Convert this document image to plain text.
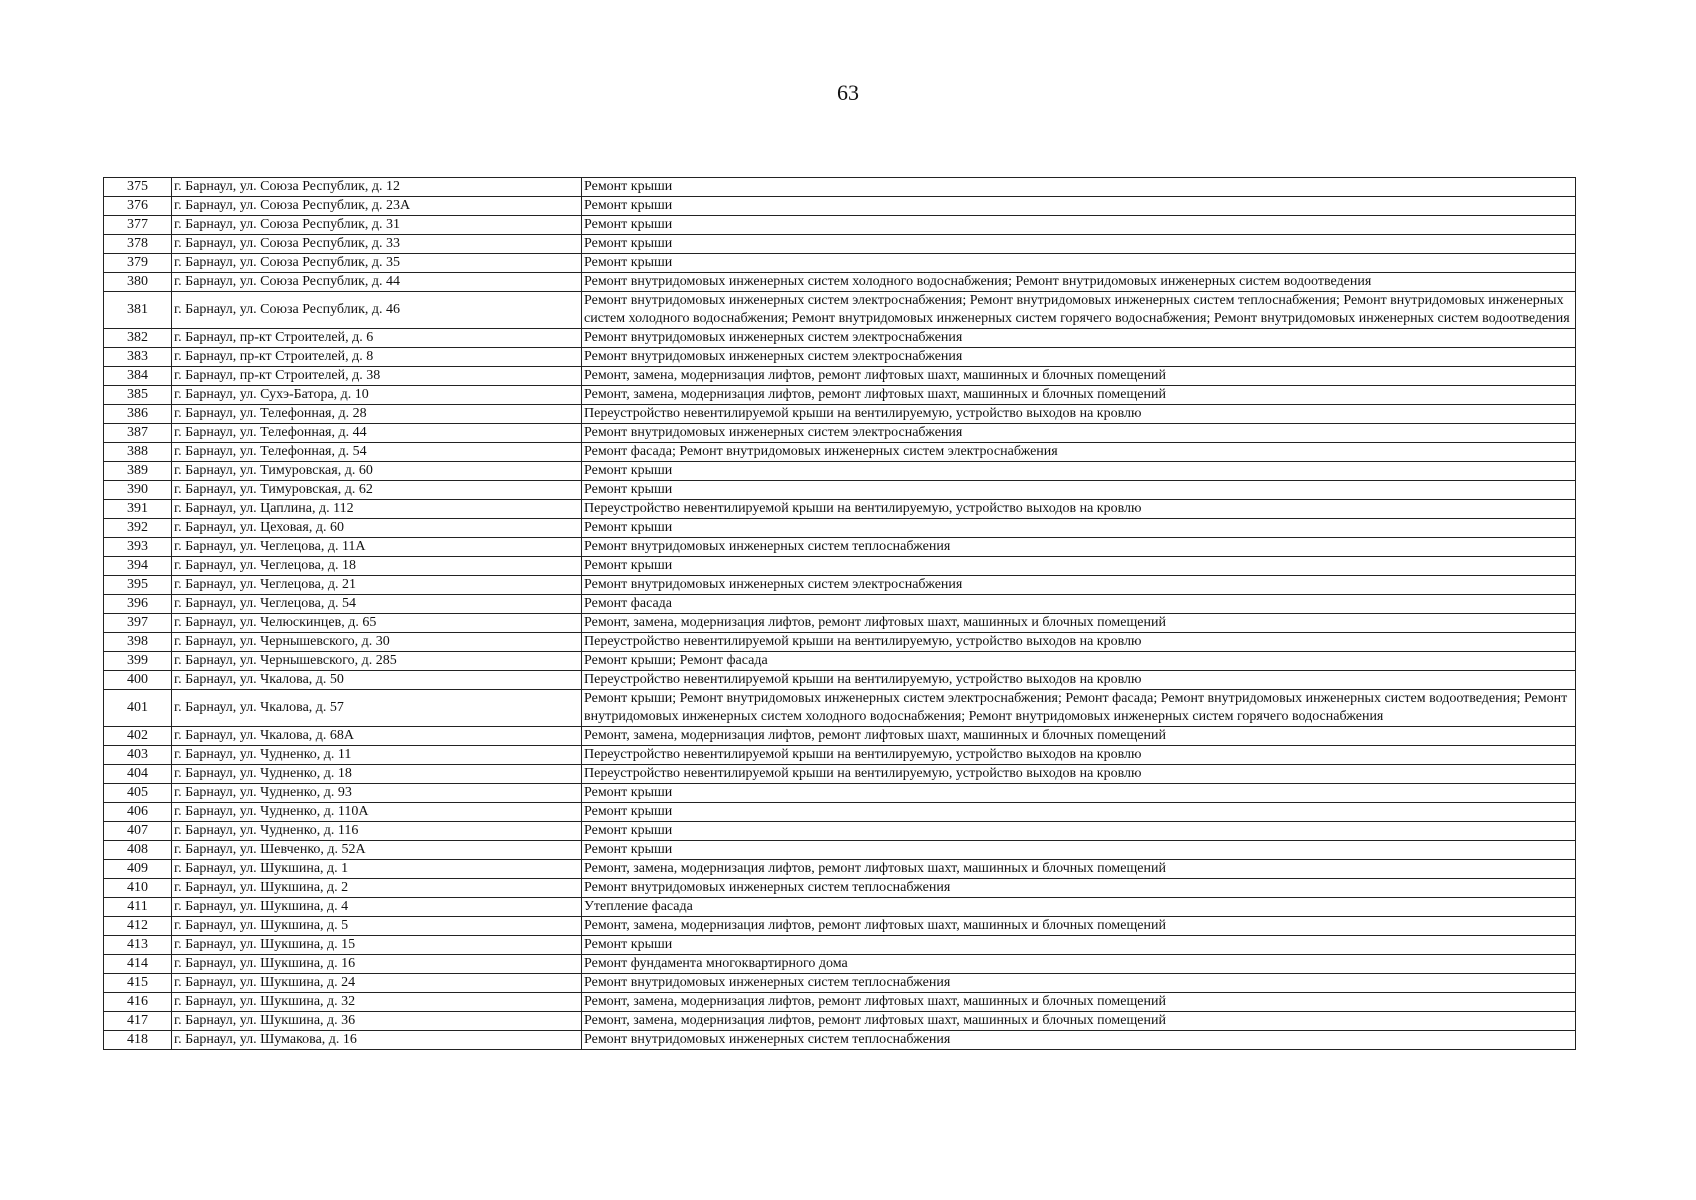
63
375	г. Барнаул, ул. Союза Республик, д. 12	Ремонт крыши
376	г. Барнаул, ул. Союза Республик, д. 23А	Ремонт крыши
377	г. Барнаул, ул. Союза Республик, д. 31	Ремонт крыши
378	г. Барнаул, ул. Союза Республик, д. 33	Ремонт крыши
379	г. Барнаул, ул. Союза Республик, д. 35	Ремонт крыши
380	г. Барнаул, ул. Союза Республик, д. 44	Ремонт внутридомовых инженерных систем холодного водоснабжения; Ремонт внутридомовых инженерных систем водоотведения
381	г. Барнаул, ул. Союза Республик, д. 46	Ремонт внутридомовых инженерных систем электроснабжения; Ремонт внутридомовых инженерных систем теплоснабжения; Ремонт внутридомовых инженерных систем холодного водоснабжения; Ремонт внутридомовых инженерных систем горячего водоснабжения; Ремонт внутридомовых инженерных систем водоотведения
382	г. Барнаул, пр-кт Строителей, д. 6	Ремонт внутридомовых инженерных систем электроснабжения
383	г. Барнаул, пр-кт Строителей, д. 8	Ремонт внутридомовых инженерных систем электроснабжения
384	г. Барнаул, пр-кт Строителей, д. 38	Ремонт, замена, модернизация лифтов, ремонт лифтовых шахт, машинных и блочных помещений
385	г. Барнаул, ул. Сухэ-Батора, д. 10	Ремонт, замена, модернизация лифтов, ремонт лифтовых шахт, машинных и блочных помещений
386	г. Барнаул, ул. Телефонная, д. 28	Переустройство невентилируемой крыши на вентилируемую, устройство выходов на кровлю
387	г. Барнаул, ул. Телефонная, д. 44	Ремонт внутридомовых инженерных систем электроснабжения
388	г. Барнаул, ул. Телефонная, д. 54	Ремонт фасада; Ремонт внутридомовых инженерных систем электроснабжения
389	г. Барнаул, ул. Тимуровская, д. 60	Ремонт крыши
390	г. Барнаул, ул. Тимуровская, д. 62	Ремонт крыши
391	г. Барнаул, ул. Цаплина, д. 112	Переустройство невентилируемой крыши на вентилируемую, устройство выходов на кровлю
392	г. Барнаул, ул. Цеховая, д. 60	Ремонт крыши
393	г. Барнаул, ул. Чеглецова, д. 11А	Ремонт внутридомовых инженерных систем теплоснабжения
394	г. Барнаул, ул. Чеглецова, д. 18	Ремонт крыши
395	г. Барнаул, ул. Чеглецова, д. 21	Ремонт внутридомовых инженерных систем электроснабжения
396	г. Барнаул, ул. Чеглецова, д. 54	Ремонт фасада
397	г. Барнаул, ул. Челюскинцев, д. 65	Ремонт, замена, модернизация лифтов, ремонт лифтовых шахт, машинных и блочных помещений
398	г. Барнаул, ул. Чернышевского, д. 30	Переустройство невентилируемой крыши на вентилируемую, устройство выходов на кровлю
399	г. Барнаул, ул. Чернышевского, д. 285	Ремонт крыши; Ремонт фасада
400	г. Барнаул, ул. Чкалова, д. 50	Переустройство невентилируемой крыши на вентилируемую, устройство выходов на кровлю
401	г. Барнаул, ул. Чкалова, д. 57	Ремонт крыши; Ремонт внутридомовых инженерных систем электроснабжения; Ремонт фасада; Ремонт внутридомовых инженерных систем водоотведения; Ремонт внутридомовых инженерных систем холодного водоснабжения; Ремонт внутридомовых инженерных систем горячего водоснабжения
402	г. Барнаул, ул. Чкалова, д. 68А	Ремонт, замена, модернизация лифтов, ремонт лифтовых шахт, машинных и блочных помещений
403	г. Барнаул, ул. Чудненко, д. 11	Переустройство невентилируемой крыши на вентилируемую, устройство выходов на кровлю
404	г. Барнаул, ул. Чудненко, д. 18	Переустройство невентилируемой крыши на вентилируемую, устройство выходов на кровлю
405	г. Барнаул, ул. Чудненко, д. 93	Ремонт крыши
406	г. Барнаул, ул. Чудненко, д. 110А	Ремонт крыши
407	г. Барнаул, ул. Чудненко, д. 116	Ремонт крыши
408	г. Барнаул, ул. Шевченко, д. 52А	Ремонт крыши
409	г. Барнаул, ул. Шукшина, д. 1	Ремонт, замена, модернизация лифтов, ремонт лифтовых шахт, машинных и блочных помещений
410	г. Барнаул, ул. Шукшина, д. 2	Ремонт внутридомовых инженерных систем теплоснабжения
411	г. Барнаул, ул. Шукшина, д. 4	Утепление фасада
412	г. Барнаул, ул. Шукшина, д. 5	Ремонт, замена, модернизация лифтов, ремонт лифтовых шахт, машинных и блочных помещений
413	г. Барнаул, ул. Шукшина, д. 15	Ремонт крыши
414	г. Барнаул, ул. Шукшина, д. 16	Ремонт фундамента многоквартирного дома
415	г. Барнаул, ул. Шукшина, д. 24	Ремонт внутридомовых инженерных систем теплоснабжения
416	г. Барнаул, ул. Шукшина, д. 32	Ремонт, замена, модернизация лифтов, ремонт лифтовых шахт, машинных и блочных помещений
417	г. Барнаул, ул. Шукшина, д. 36	Ремонт, замена, модернизация лифтов, ремонт лифтовых шахт, машинных и блочных помещений
418	г. Барнаул, ул. Шумакова, д. 16	Ремонт внутридомовых инженерных систем теплоснабжения
